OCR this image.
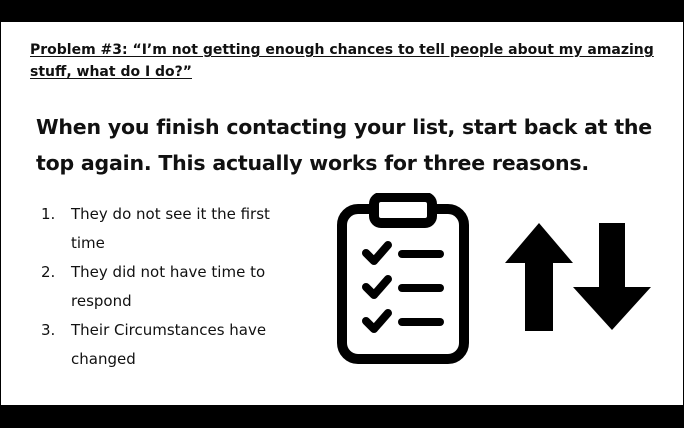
Problem #3: “I’m not getting enough chances to tell people about my amazing stuff, what do I do?”

When you finish contacting your list, start back at the top again. This actually works for three reasons.

1. They do not see it the first time
2. They did not have time to respond
3. Their Circumstances have changed
